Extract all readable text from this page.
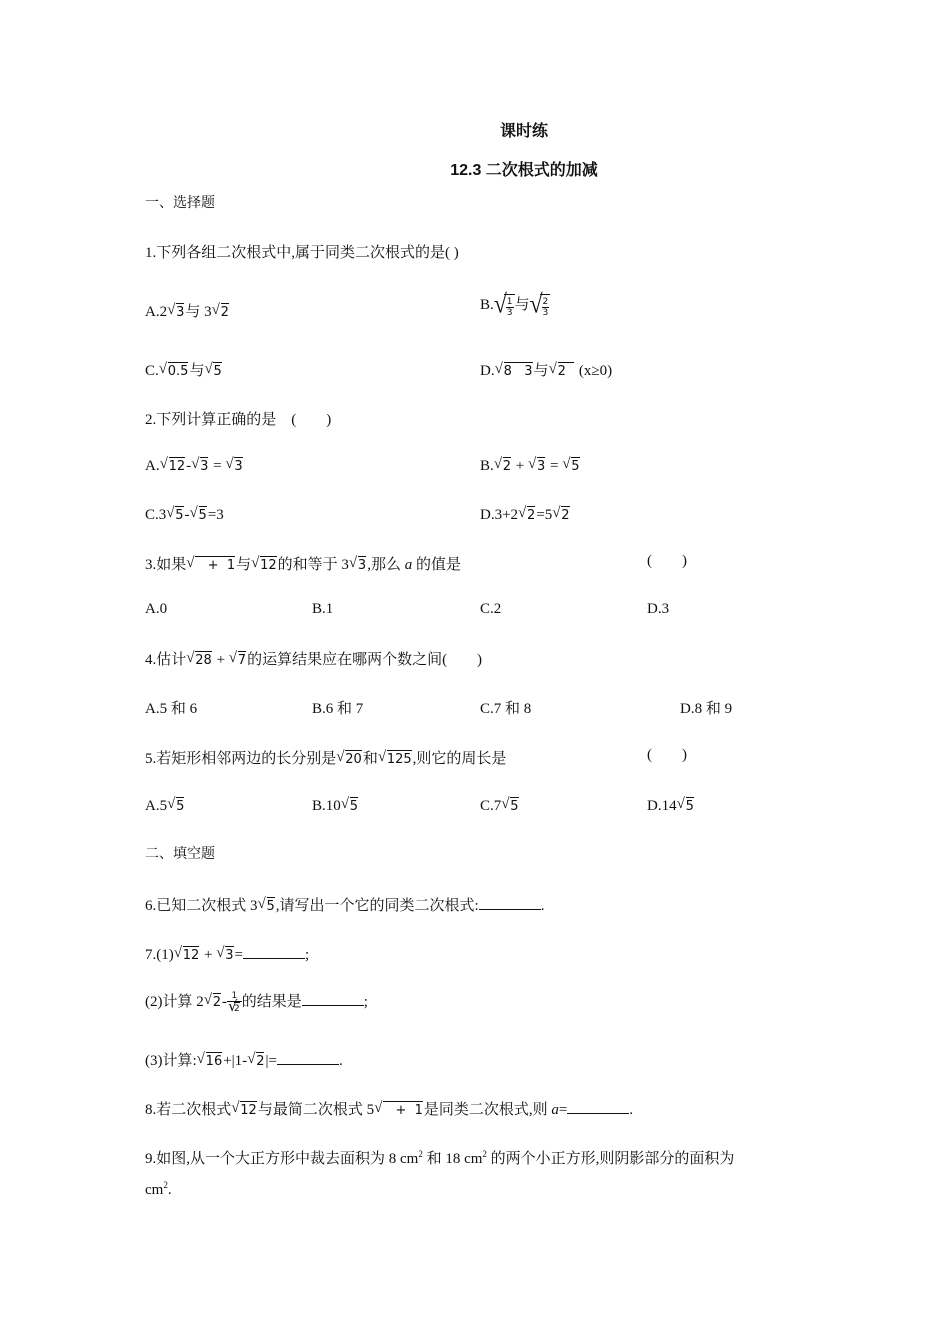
课时练
12.3 二次根式的加减
一、选择题
1.下列各组二次根式中,属于同类二次根式的是( )
A.2 √ 3与 3 √ 2	B. √ $\frac{1}{3}$ 与 √ $\frac{2}{3}$
C. √ 0.5与 √ 5	D. √ 8   3与 √ 2   (x≥0)
2.下列计算正确的是    (        )
A. √ 12- √ 3 = √ 3	B. √ 2 + √ 3 = √ 5
C.3 √ 5- √ 5=3	D.3+2 √ 2=5 √ 2
3.如果√    +  1与 √ 12的和等于 3 √ 3,那么 a 的值是	(        )
A.0	B.1	C.2	D.3
4.估计 √ 28 + √ 7的运算结果应在哪两个数之间(        )
A.5 和 6	B.6 和 7	C.7 和 8	D.8 和 9
5.若矩形相邻两边的长分别是 √ 20和 √ 125,则它的周长是	(        )
A.5 √ 5	B.10 √ 5	C.7 √ 5	D.14 √ 5
二、填空题
6.已知二次根式 3 √ 5,请写出一个它的同类二次根式:	.
7.(1) √ 12 + √ 3=	;
(2)计算 2 √ 2- 1
√ 2 的结果是	;
(3)计算: √ 16+|1- √ 2|=	.
8.若二次根式 √ 12与最简二次根式 5√    +  1是同类二次根式,则 a=	.
9.如图,从一个大正方形中裁去面积为 8 $cm^2$ 和 18 $cm^2$ 的两个小正方形,则阴影部分的面积为
$cm^2$.
